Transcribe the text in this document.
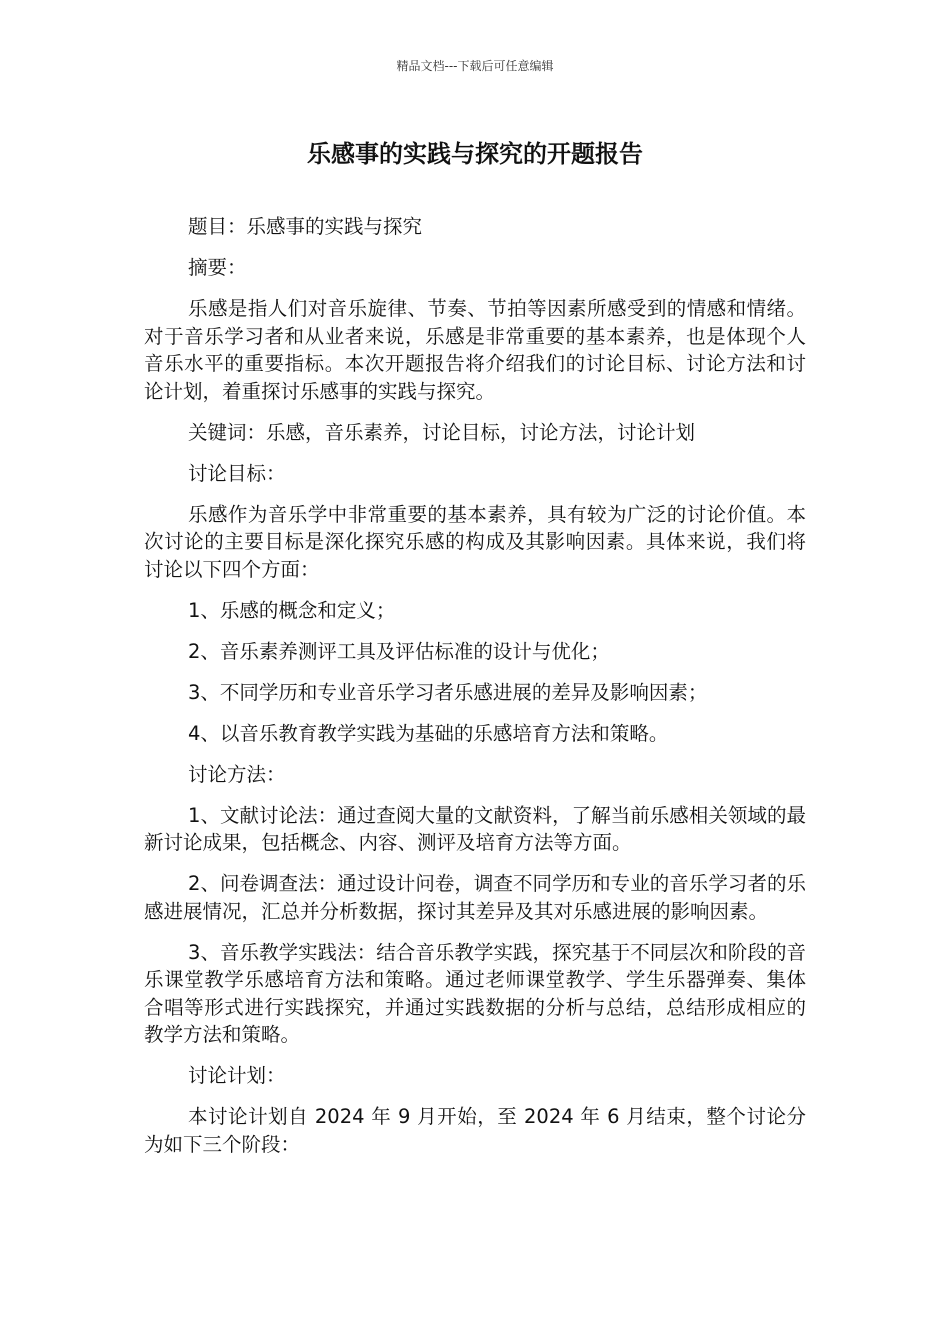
精品文档---下载后可任意编辑
乐感事的实践与探究的开题报告

题目：乐感事的实践与探究

摘要：

乐感是指人们对音乐旋律、节奏、节拍等因素所感受到的情感和情绪。对于音乐学习者和从业者来说，乐感是非常重要的基本素养，也是体现个人音乐水平的重要指标。本次开题报告将介绍我们的讨论目标、讨论方法和讨论计划，着重探讨乐感事的实践与探究。

关键词：乐感，音乐素养，讨论目标，讨论方法，讨论计划

讨论目标：

乐感作为音乐学中非常重要的基本素养，具有较为广泛的讨论价值。本次讨论的主要目标是深化探究乐感的构成及其影响因素。具体来说，我们将讨论以下四个方面：

1、乐感的概念和定义；

2、音乐素养测评工具及评估标准的设计与优化；

3、不同学历和专业音乐学习者乐感进展的差异及影响因素；

4、以音乐教育教学实践为基础的乐感培育方法和策略。

讨论方法：

1、文献讨论法：通过查阅大量的文献资料，了解当前乐感相关领域的最新讨论成果，包括概念、内容、测评及培育方法等方面。

2、问卷调查法：通过设计问卷，调查不同学历和专业的音乐学习者的乐感进展情况，汇总并分析数据，探讨其差异及其对乐感进展的影响因素。

3、音乐教学实践法：结合音乐教学实践，探究基于不同层次和阶段的音乐课堂教学乐感培育方法和策略。通过老师课堂教学、学生乐器弹奏、集体合唱等形式进行实践探究，并通过实践数据的分析与总结，总结形成相应的教学方法和策略。

讨论计划：

本讨论计划自 2024 年 9 月开始，至 2024 年 6 月结束，整个讨论分为如下三个阶段：
